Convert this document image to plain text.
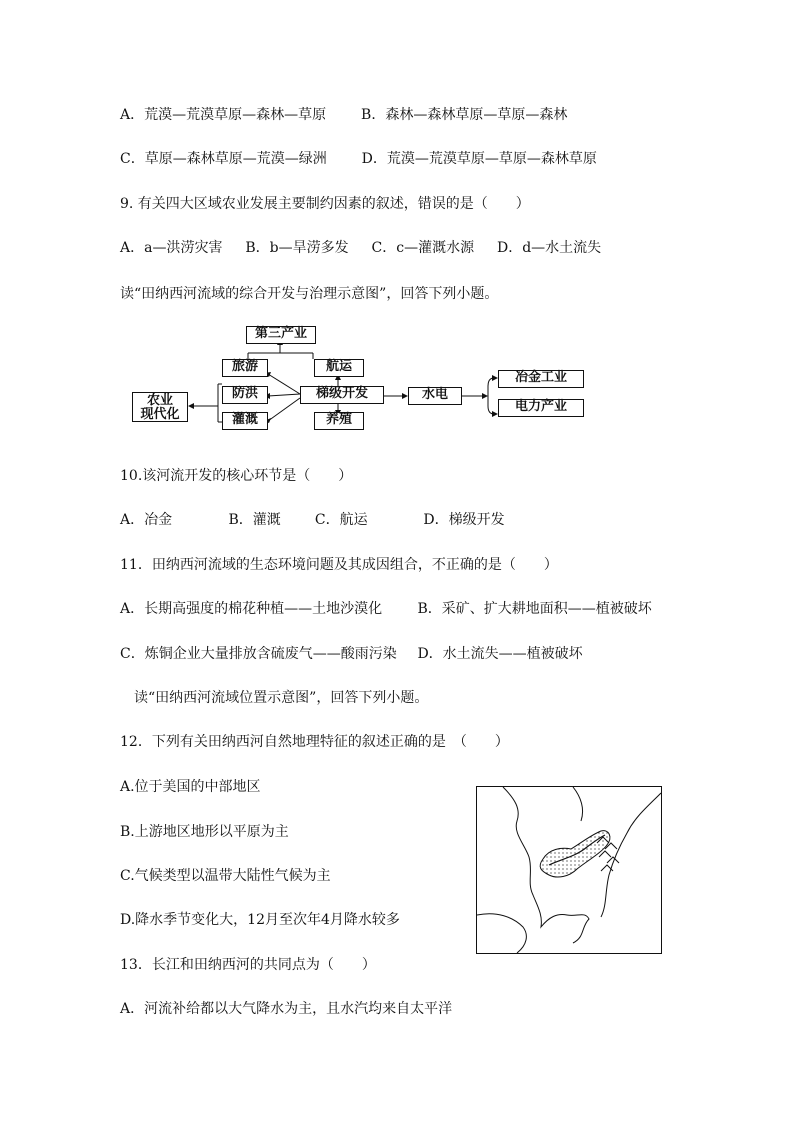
A．荒漠—荒漠草原—森林—草原 B．森林—森林草原—草原—森林
C．草原—森林草原—荒漠—绿洲 D．荒漠—荒漠草原—草原—森林草原
9. 有关四大区域农业发展主要制约因素的叙述，错误的是（　　）
A．a—洪涝灾害 B．b—旱涝多发 C．c—灌溉水源 D．d—水土流失
读“田纳西河流域的综合开发与治理示意图”，回答下列小题。
第三产业
旅游	航运
防洪	梯级开发
灌溉	养殖
农业
现代化
水电
冶金工业
电力产业
10.该河流开发的核心环节是（　　）
A．冶金	B．灌溉 C．航运	D．梯级开发
11．田纳西河流域的生态环境问题及其成因组合，不正确的是（　　）
A．长期高强度的棉花种植——土地沙漠化	B．采矿、扩大耕地面积——植被破坏
C．炼铜企业大量排放含硫废气——酸雨污染 D．水土流失——植被破坏
读“田纳西河流域位置示意图”，回答下列小题。
12．下列有关田纳西河自然地理特征的叙述正确的是　（　　）
A.位于美国的中部地区
B.上游地区地形以平原为主
C.气候类型以温带大陆性气候为主
D.降水季节变化大，12月至次年4月降水较多
13．长江和田纳西河的共同点为（　　）
A．河流补给都以大气降水为主，且水汽均来自太平洋
